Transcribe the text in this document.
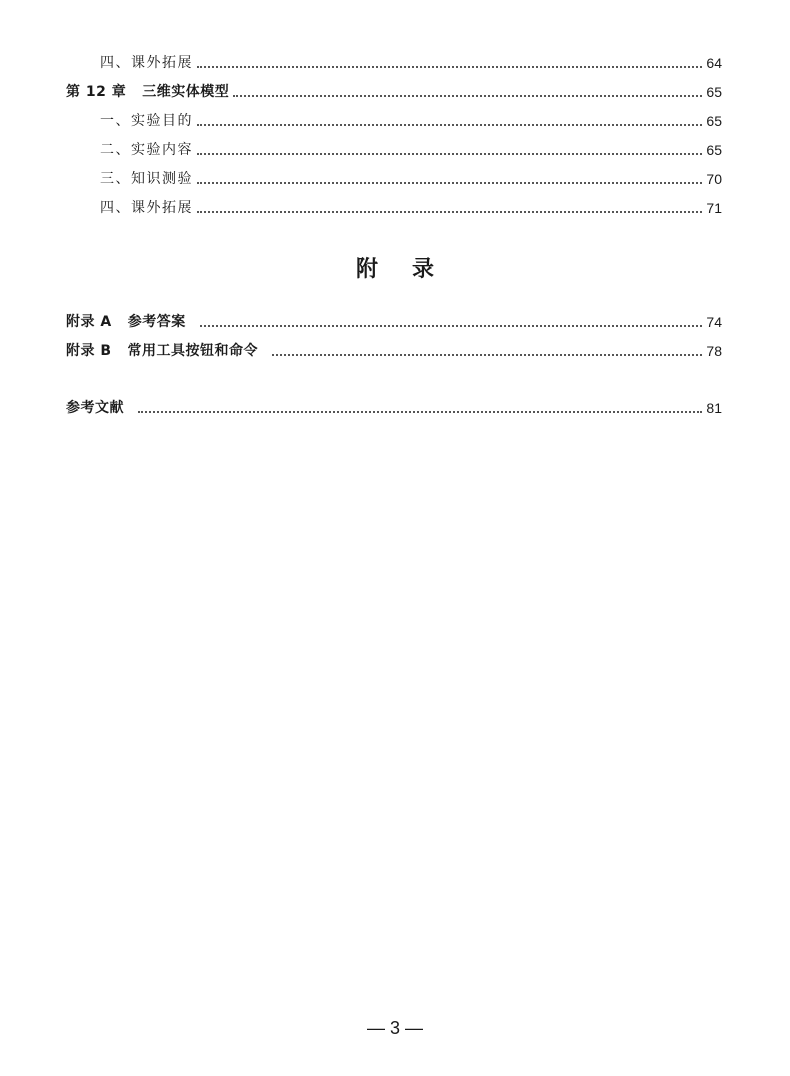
四、课外拓展	64
第 12 章 三维实体模型	65
一、实验目的	65
二、实验内容	65
三、知识测验	70
四、课外拓展	71
附录
附录 A 参考答案	74
附录 B 常用工具按钮和命令	78
参考文献	81
— 3 —
